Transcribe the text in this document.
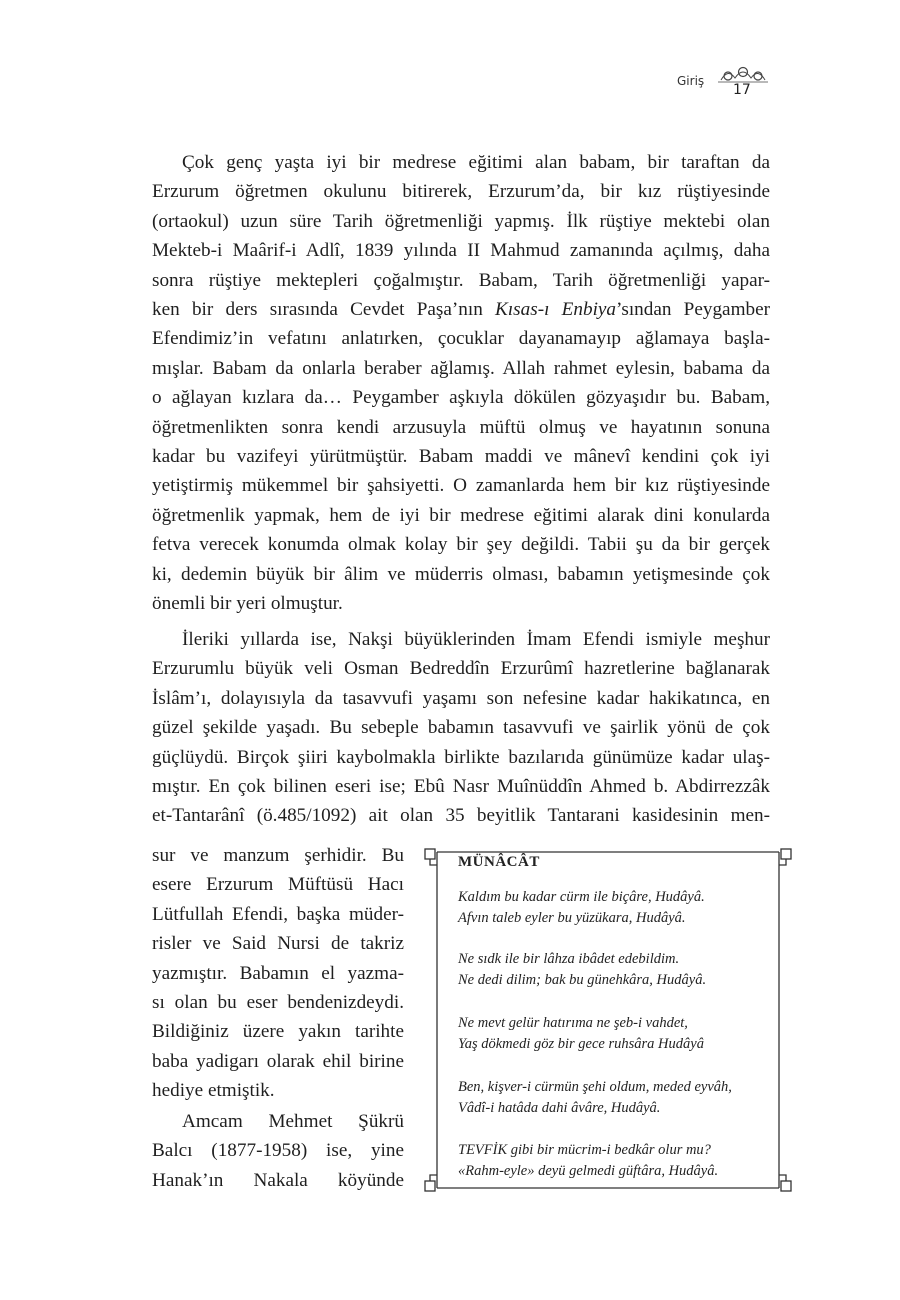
Giriş
17
Çok genç yaşta iyi bir medrese eğitimi alan babam, bir taraftan da
Erzurum öğretmen okulunu bitirerek, Erzurum’da, bir kız rüştiyesinde
(ortaokul) uzun süre Tarih öğretmenliği yapmış. İlk rüştiye mektebi olan
Mekteb-i Maârif-i Adlî, 1839 yılında II Mahmud zamanında açılmış, daha
sonra rüştiye mektepleri çoğalmıştır. Babam, Tarih öğretmenliği yapar-
ken bir ders sırasında Cevdet Paşa’nın Kısas-ı Enbiya’sından Peygamber
Efendimiz’in vefatını anlatırken, çocuklar dayanamayıp ağlamaya başla-
mışlar. Babam da onlarla beraber ağlamış. Allah rahmet eylesin, babama da
o ağlayan kızlara da… Peygamber aşkıyla dökülen gözyaşıdır bu. Babam,
öğretmenlikten sonra kendi arzusuyla müftü olmuş ve hayatının sonuna
kadar bu vazifeyi yürütmüştür. Babam maddi ve mânevî kendini çok iyi
yetiştirmiş mükemmel bir şahsiyetti. O zamanlarda hem bir kız rüştiyesinde
öğretmenlik yapmak, hem de iyi bir medrese eğitimi alarak dini konularda
fetva verecek konumda olmak kolay bir şey değildi. Tabii şu da bir gerçek
ki, dedemin büyük bir âlim ve müderris olması, babamın yetişmesinde çok
önemli bir yeri olmuştur.
İleriki yıllarda ise, Nakşi büyüklerinden İmam Efendi ismiyle meşhur
Erzurumlu büyük veli Osman Bedreddîn Erzurûmî hazretlerine bağlanarak
İslâm’ı, dolayısıyla da tasavvufi yaşamı son nefesine kadar hakikatınca, en
güzel şekilde yaşadı. Bu sebeple babamın tasavvufi ve şairlik yönü de çok
güçlüydü. Birçok şiiri kaybolmakla birlikte bazılarıda günümüze kadar ulaş-
mıştır. En çok bilinen eseri ise; Ebû Nasr Muînüddîn Ahmed b. Abdirrezzâk
et-Tantarânî (ö.485/1092) ait olan 35 beyitlik Tantarani kasidesinin men-
sur ve manzum şerhidir. Bu
esere Erzurum Müftüsü Hacı
Lütfullah Efendi, başka müder-
risler ve Said Nursi de takriz
yazmıştır. Babamın el yazma-
sı olan bu eser bendenizdeydi.
Bildiğiniz üzere yakın tarihte
baba yadigarı olarak ehil birine
hediye etmiştik.
Amcam Mehmet Şükrü
Balcı (1877-1958) ise, yine
Hanak’ın Nakala köyünde
MÜNÂCÂT
Kaldım bu kadar cürm ile biçâre, Hudâyâ.
Afvın taleb eyler bu yüzükara, Hudâyâ.
Ne sıdk ile bir lâhza ibâdet edebildim.
Ne dedi dilim; bak bu günehkâra, Hudâyâ.
Ne mevt gelür hatırıma ne şeb-i vahdet,
Yaş dökmedi göz bir gece ruhsâra Hudâyâ
Ben, kişver-i cürmün şehi oldum, meded eyvâh,
Vâdî-i hatâda dahi âvâre, Hudâyâ.
TEVFİK gibi bir mücrim-i bedkâr olur mu?
«Rahm-eyle» deyü gelmedi güftâra, Hudâyâ.
